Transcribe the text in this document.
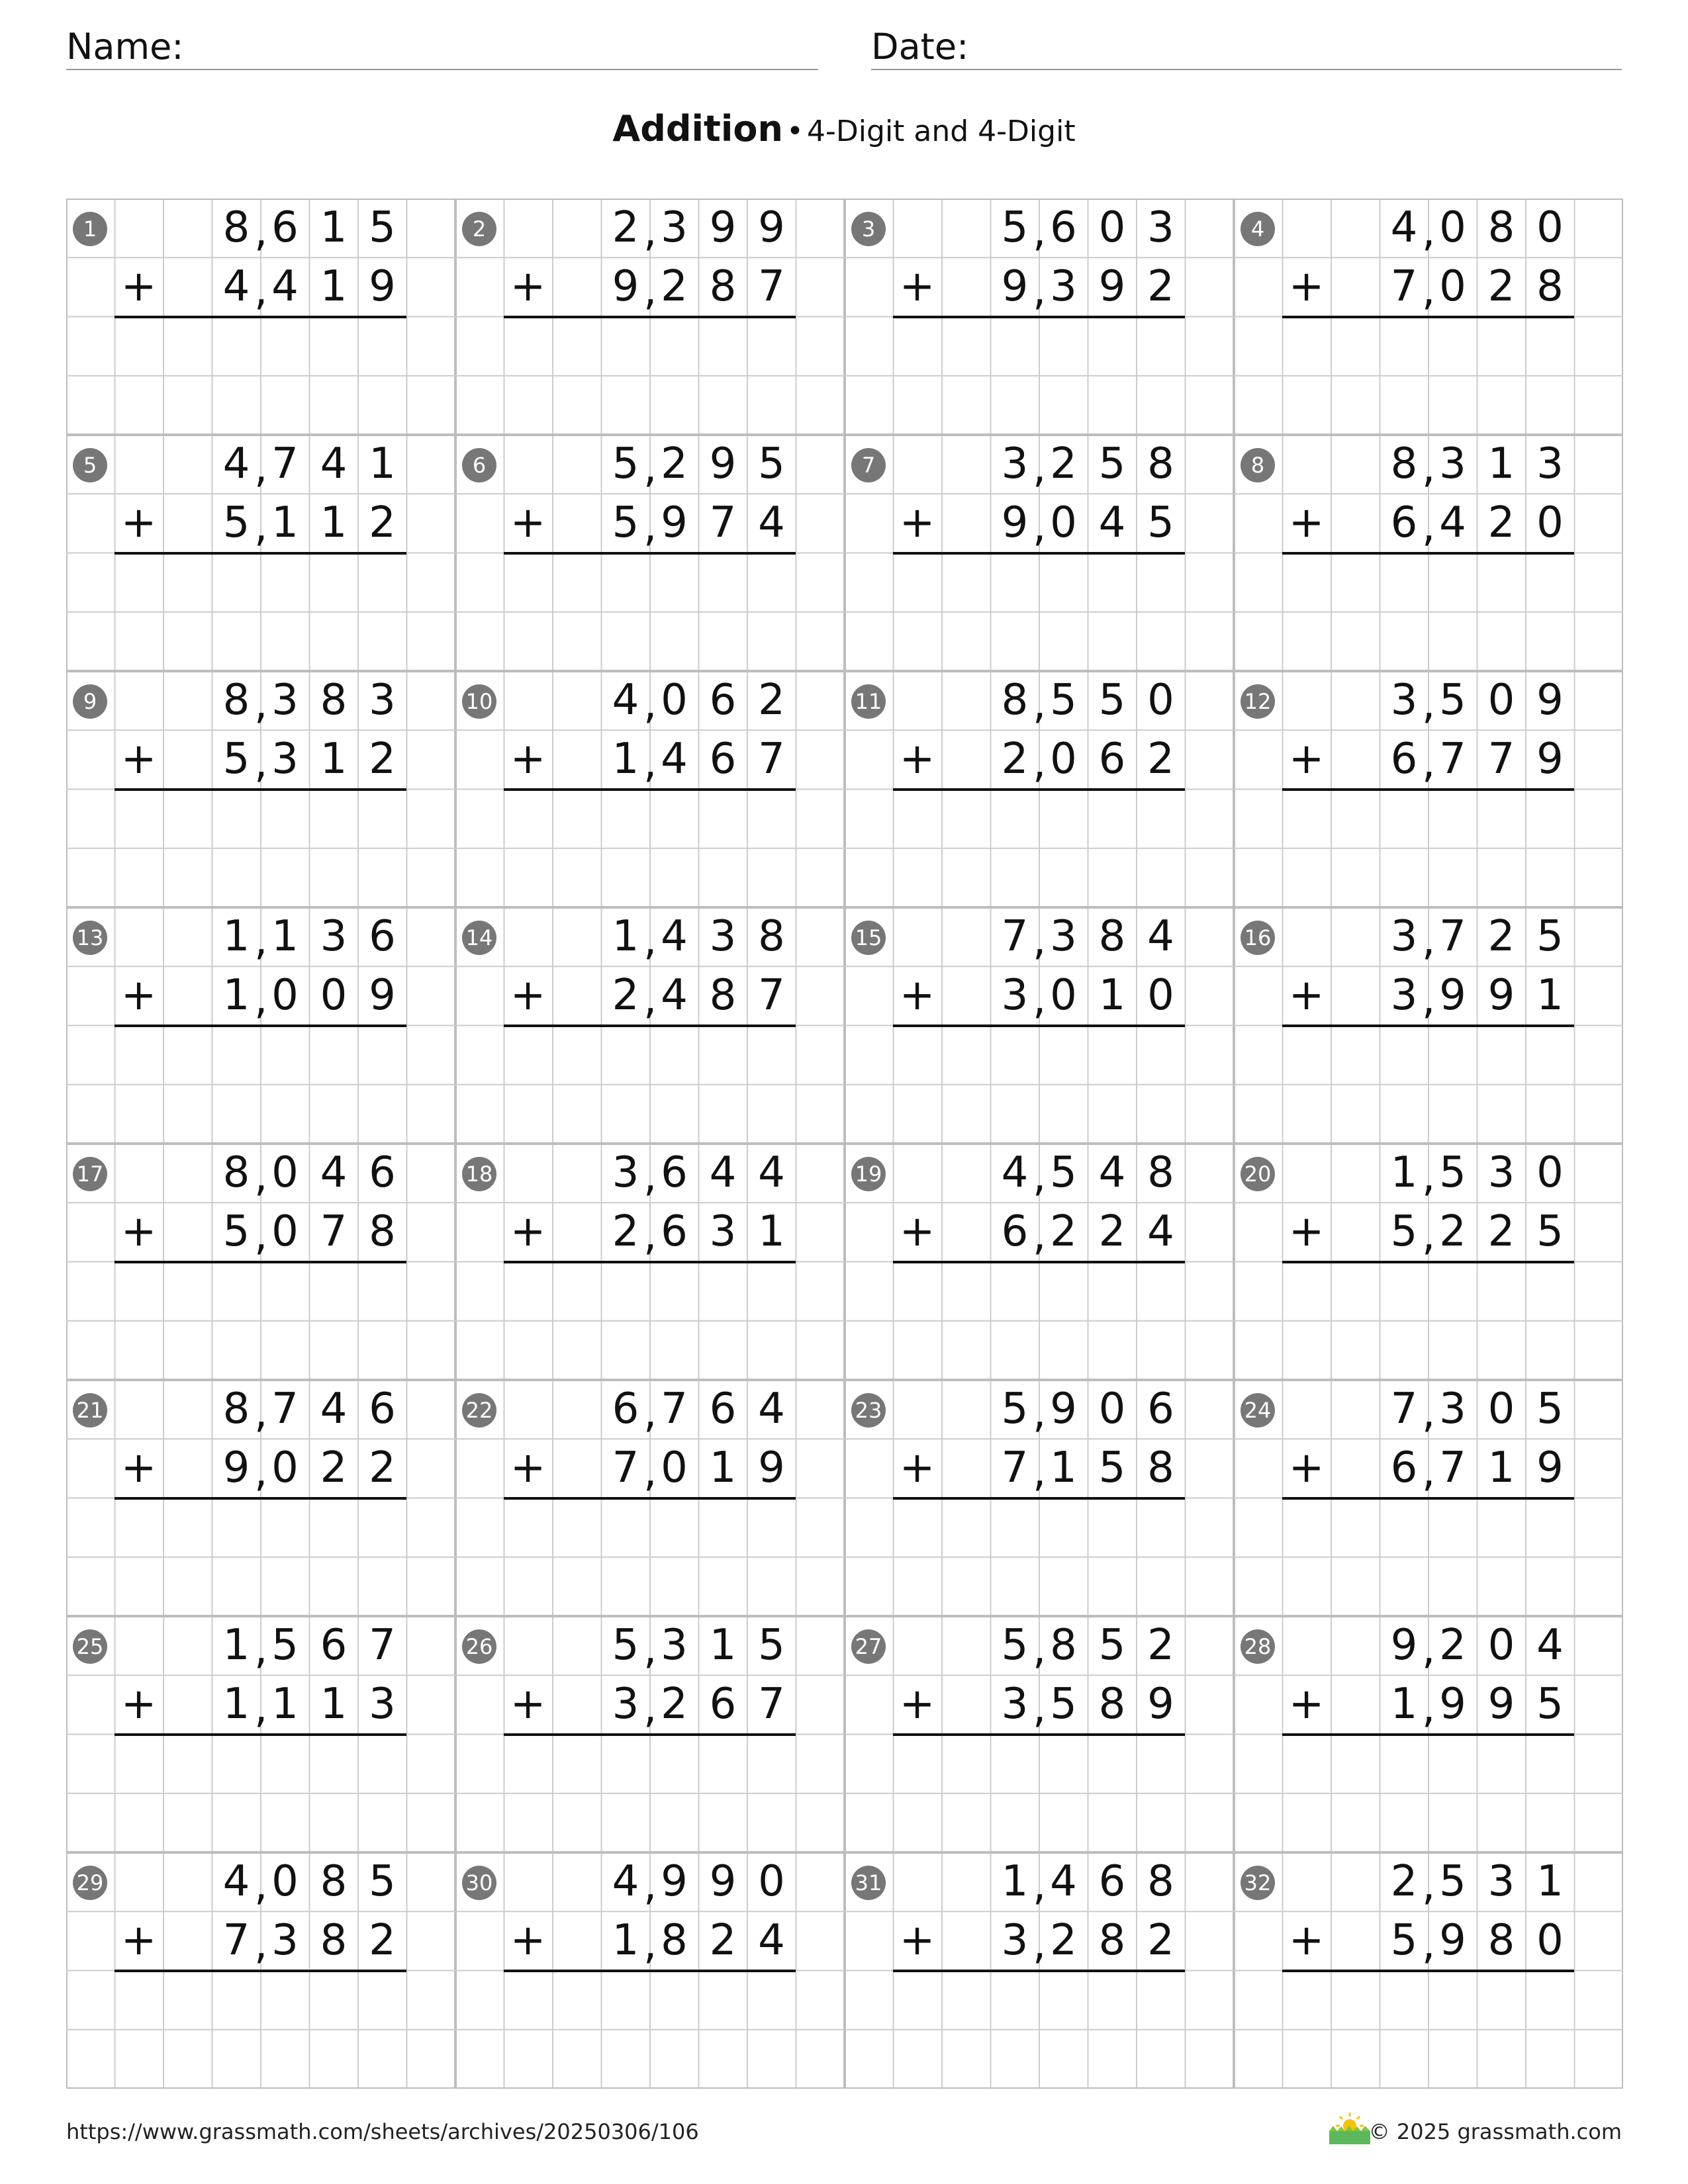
Name:	Date:
Addition • 4-Digit and 4-Digit
1	8 6 1 5
,
4 4 1 9
,
+
2	2 3 9 9
,
9 2 8 7
,
+
3	5 6 0 3
,
9 3 9 2
,
+
4	4 0 8 0
,
7 0 2 8
,
+
5	4 7 4 1
,
5 1 1 2
,
+
6	5 2 9 5
,
5 9 7 4
,
+
7	3 2 5 8
,
9 0 4 5
,
+
8	8 3 1 3
,
6 4 2 0
,
+
9	8 3 8 3
,
5 3 1 2
,
+
10	4 0 6 2
,
1 4 6 7
,
+
11	8 5 5 0
,
2 0 6 2
,
+
12	3 5 0 9
,
6 7 7 9
,
+
13	1 1 3 6
,
1 0 0 9
,
+
14	1 4 3 8
,
2 4 8 7
,
+
15	7 3 8 4
,
3 0 1 0
,
+
16	3 7 2 5
,
3 9 9 1
,
+
17	8 0 4 6
,
5 0 7 8
,
+
18	3 6 4 4
,
2 6 3 1
,
+
19	4 5 4 8
,
6 2 2 4
,
+
20	1 5 3 0
,
5 2 2 5
,
+
21	8 7 4 6
,
9 0 2 2
,
+
22	6 7 6 4
,
7 0 1 9
,
+
23	5 9 0 6
,
7 1 5 8
,
+
24	7 3 0 5
,
6 7 1 9
,
+
25	1 5 6 7
,
1 1 1 3
,
+
26	5 3 1 5
,
3 2 6 7
,
+
27	5 8 5 2
,
3 5 8 9
,
+
28	9 2 0 4
,
1 9 9 5
,
+
29	4 0 8 5
,
7 3 8 2
,
+
30	4 9 9 0
,
1 8 2 4
,
+
31	1 4 6 8
,
3 2 8 2
,
+
32	2 5 3 1
,
5 9 8 0
,
+
https://www.grassmath.com/sheets/archives/20250306/106	© 2025 grassmath.com
